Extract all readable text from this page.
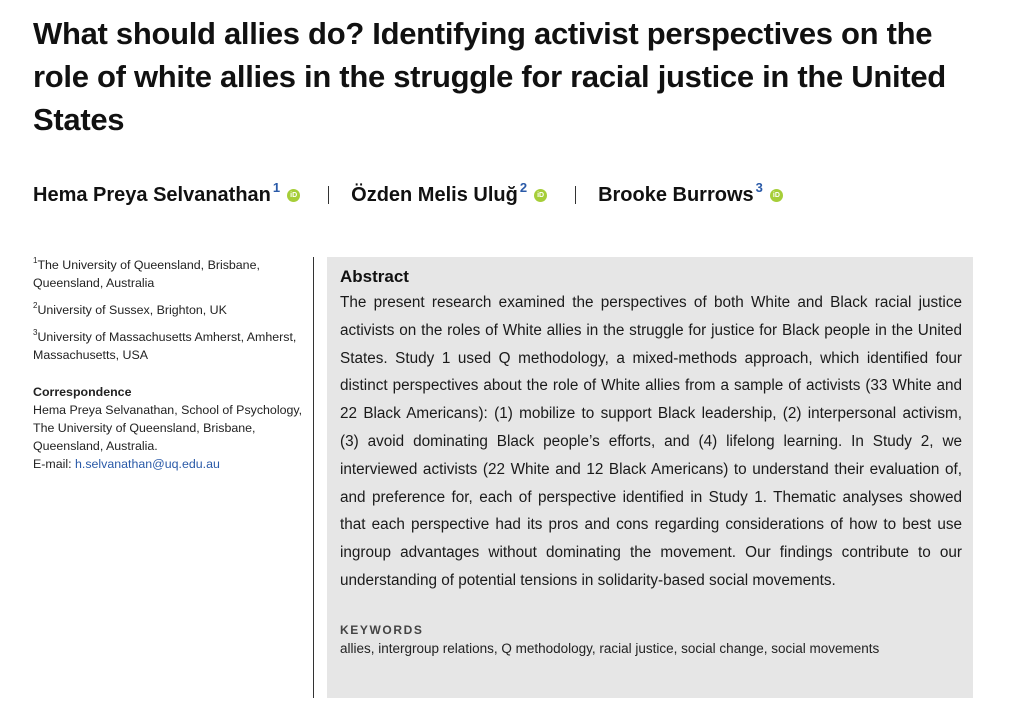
What should allies do? Identifying activist perspectives on the role of white allies in the struggle for racial justice in the United States
Hema Preya Selvanathan$^1$
iD	Özden Melis Uluğ$^2$
iD	Brooke Burrows$^3$
iD
$^1$The University of Queensland, Brisbane, Queensland, Australia
$^2$University of Sussex, Brighton, UK
$^3$University of Massachusetts Amherst, Amherst, Massachusetts, USA
Correspondence
Hema Preya Selvanathan, School of Psychology, The University of Queensland, Brisbane, Queensland, Australia.
E-mail: h.selvanathan@uq.edu.au

Abstract

The present research examined the perspectives of both White and Black racial justice activists on the roles of White allies in the struggle for justice for Black people in the United States. Study 1 used Q methodology, a mixed-methods approach, which identified four distinct perspectives about the role of White allies from a sample of activists (33 White and 22 Black Americans): (1) mobilize to support Black leadership, (2) interpersonal activism, (3) avoid dominating Black people’s efforts, and (4) lifelong learning. In Study 2, we interviewed activists (22 White and 12 Black Americans) to understand their evaluation of, and preference for, each of perspective identified in Study 1. Thematic analyses showed that each perspective had its pros and cons regarding considerations of how to best use ingroup advantages without dominating the movement. Our findings contribute to our understanding of potential tensions in solidarity-based social movements.

KEYWORDS
allies, intergroup relations, Q methodology, racial justice, social change, social movements
